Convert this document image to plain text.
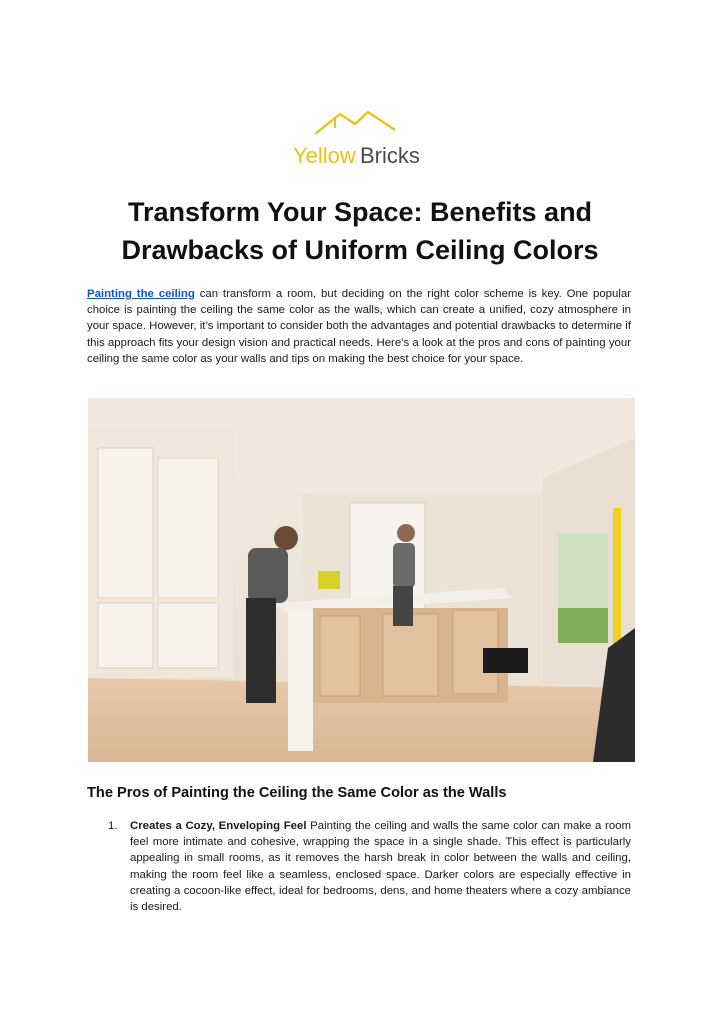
Yellow Bricks
Transform Your Space: Benefits and Drawbacks of Uniform Ceiling Colors

Painting the ceiling can transform a room, but deciding on the right color scheme is key. One popular choice is painting the ceiling the same color as the walls, which can create a unified, cozy atmosphere in your space. However, it’s important to consider both the advantages and potential drawbacks to determine if this approach fits your design vision and practical needs. Here’s a look at the pros and cons of painting your ceiling the same color as your walls and tips on making the best choice for your space.

The Pros of Painting the Ceiling the Same Color as the Walls
1. Creates a Cozy, Enveloping Feel Painting the ceiling and walls the same color can make a room feel more intimate and cohesive, wrapping the space in a single shade. This effect is particularly appealing in small rooms, as it removes the harsh break in color between the walls and ceiling, making the room feel like a seamless, enclosed space. Darker colors are especially effective in creating a cocoon-like effect, ideal for bedrooms, dens, and home theaters where a cozy ambiance is desired.
